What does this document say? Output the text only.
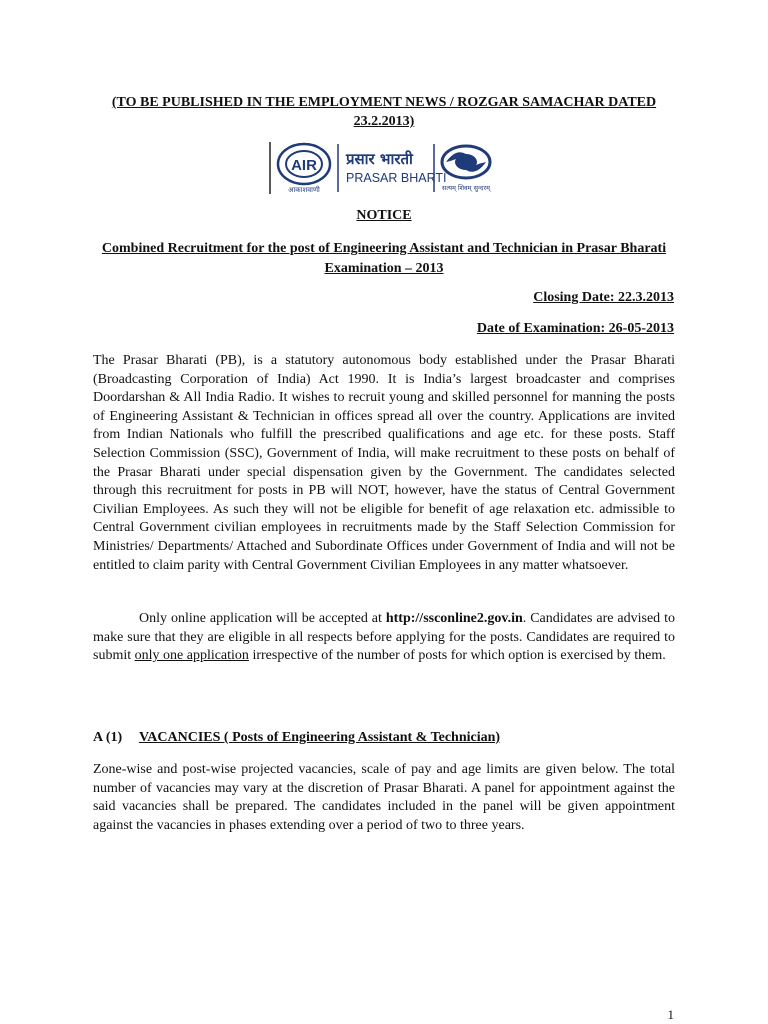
(TO BE PUBLISHED IN THE EMPLOYMENT NEWS / ROZGAR SAMACHAR DATED
23.2.2013)
AIR
आकाशवाणी
प्रसार भारती
PRASAR BHARTI
सत्यम् शिवम् सुन्दरम्
NOTICE
Combined Recruitment for the post of Engineering Assistant and Technician in Prasar Bharati
Examination – 2013
Closing Date: 22.3.2013
Date of Examination: 26-05-2013

The Prasar Bharati (PB), is a statutory autonomous body established under the Prasar Bharati (Broadcasting Corporation of India) Act 1990. It is India’s largest broadcaster and comprises Doordarshan & All India Radio. It wishes to recruit young and skilled personnel for manning the posts of Engineering Assistant & Technician in offices spread all over the country. Applications are invited from Indian Nationals who fulfill the prescribed qualifications and age etc. for these posts. Staff Selection Commission (SSC), Government of India, will make recruitment to these posts on behalf of the Prasar Bharati under special dispensation given by the Government. The candidates selected through this recruitment for posts in PB will NOT, however, have the status of Central Government Civilian Employees. As such they will not be eligible for benefit of age relaxation etc. admissible to Central Government civilian employees in recruitments made by the Staff Selection Commission for Ministries/ Departments/ Attached and Subordinate Offices under Government of India and will not be entitled to claim parity with Central Government Civilian Employees in any matter whatsoever.

Only online application will be accepted at http://ssconline2.gov.in. Candidates are advised to make sure that they are eligible in all respects before applying for the posts. Candidates are required to submit only one application irrespective of the number of posts for which option is exercised by them.

A (1) VACANCIES ( Posts of Engineering Assistant & Technician)

Zone-wise and post-wise projected vacancies, scale of pay and age limits are given below. The total number of vacancies may vary at the discretion of Prasar Bharati. A panel for appointment against the said vacancies shall be prepared. The candidates included in the panel will be given appointment against the vacancies in phases extending over a period of two to three years.

1
